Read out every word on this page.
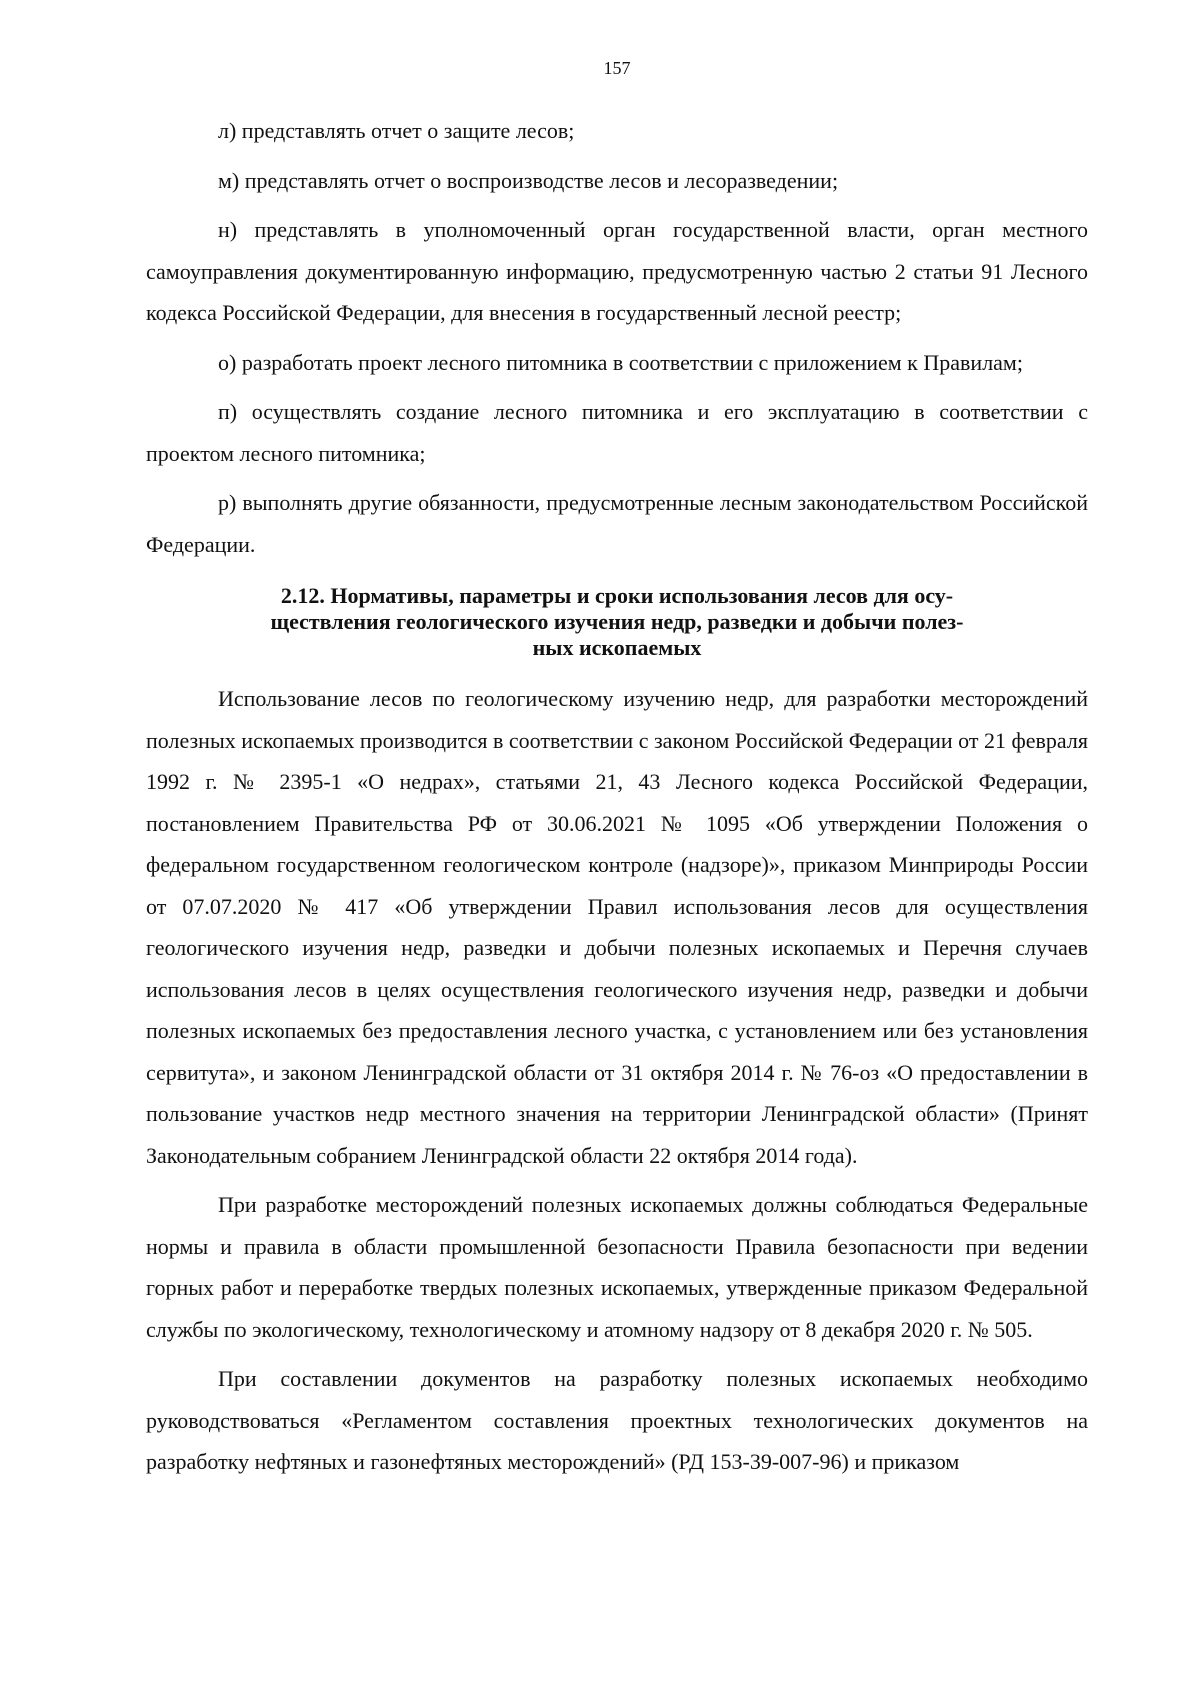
157

л) представлять отчет о защите лесов;

м) представлять отчет о воспроизводстве лесов и лесоразведении;

н) представлять в уполномоченный орган государственной власти, орган местного самоуправления документированную информацию, предусмотренную частью 2 статьи 91 Лесного кодекса Российской Федерации, для внесения в государственный лесной реестр;

о) разработать проект лесного питомника в соответствии с приложением к Правилам;

п) осуществлять создание лесного питомника и его эксплуатацию в соответствии с проектом лесного питомника;

р) выполнять другие обязанности, предусмотренные лесным законодательством Российской Федерации.

2.12. Нормативы, параметры и сроки использования лесов для осу-
ществления геологического изучения недр, разведки и добычи полез-
ных ископаемых

Использование лесов по геологическому изучению недр, для разработки месторождений полезных ископаемых производится в соответствии с законом Российской Федерации от 21 февраля 1992 г. № 2395-1 «О недрах», статьями 21, 43 Лесного кодекса Российской Федерации, постановлением Правительства РФ от 30.06.2021 № 1095 «Об утверждении Положения о федеральном государственном геологическом контроле (надзоре)», приказом Минприроды России от 07.07.2020 № 417 «Об утверждении Правил использования лесов для осуществления геологического изучения недр, разведки и добычи полезных ископаемых и Перечня случаев использования лесов в целях осуществления геологического изучения недр, разведки и добычи полезных ископаемых без предоставления лесного участка, с установлением или без установления сервитута», и законом Ленинградской области от 31 октября 2014 г. № 76-оз «О предоставлении в пользование участков недр местного значения на территории Ленинградской области» (Принят Законодательным собранием Ленинградской области 22 октября 2014 года).

При разработке месторождений полезных ископаемых должны соблюдаться Федеральные нормы и правила в области промышленной безопасности Правила безопасности при ведении горных работ и переработке твердых полезных ископаемых, утвержденные приказом Федеральной службы по экологическому, технологическому и атомному надзору от 8 декабря 2020 г. № 505.

При составлении документов на разработку полезных ископаемых необходимо руководствоваться «Регламентом составления проектных технологических документов на разработку нефтяных и газонефтяных месторождений» (РД 153-39-007-96) и приказом
